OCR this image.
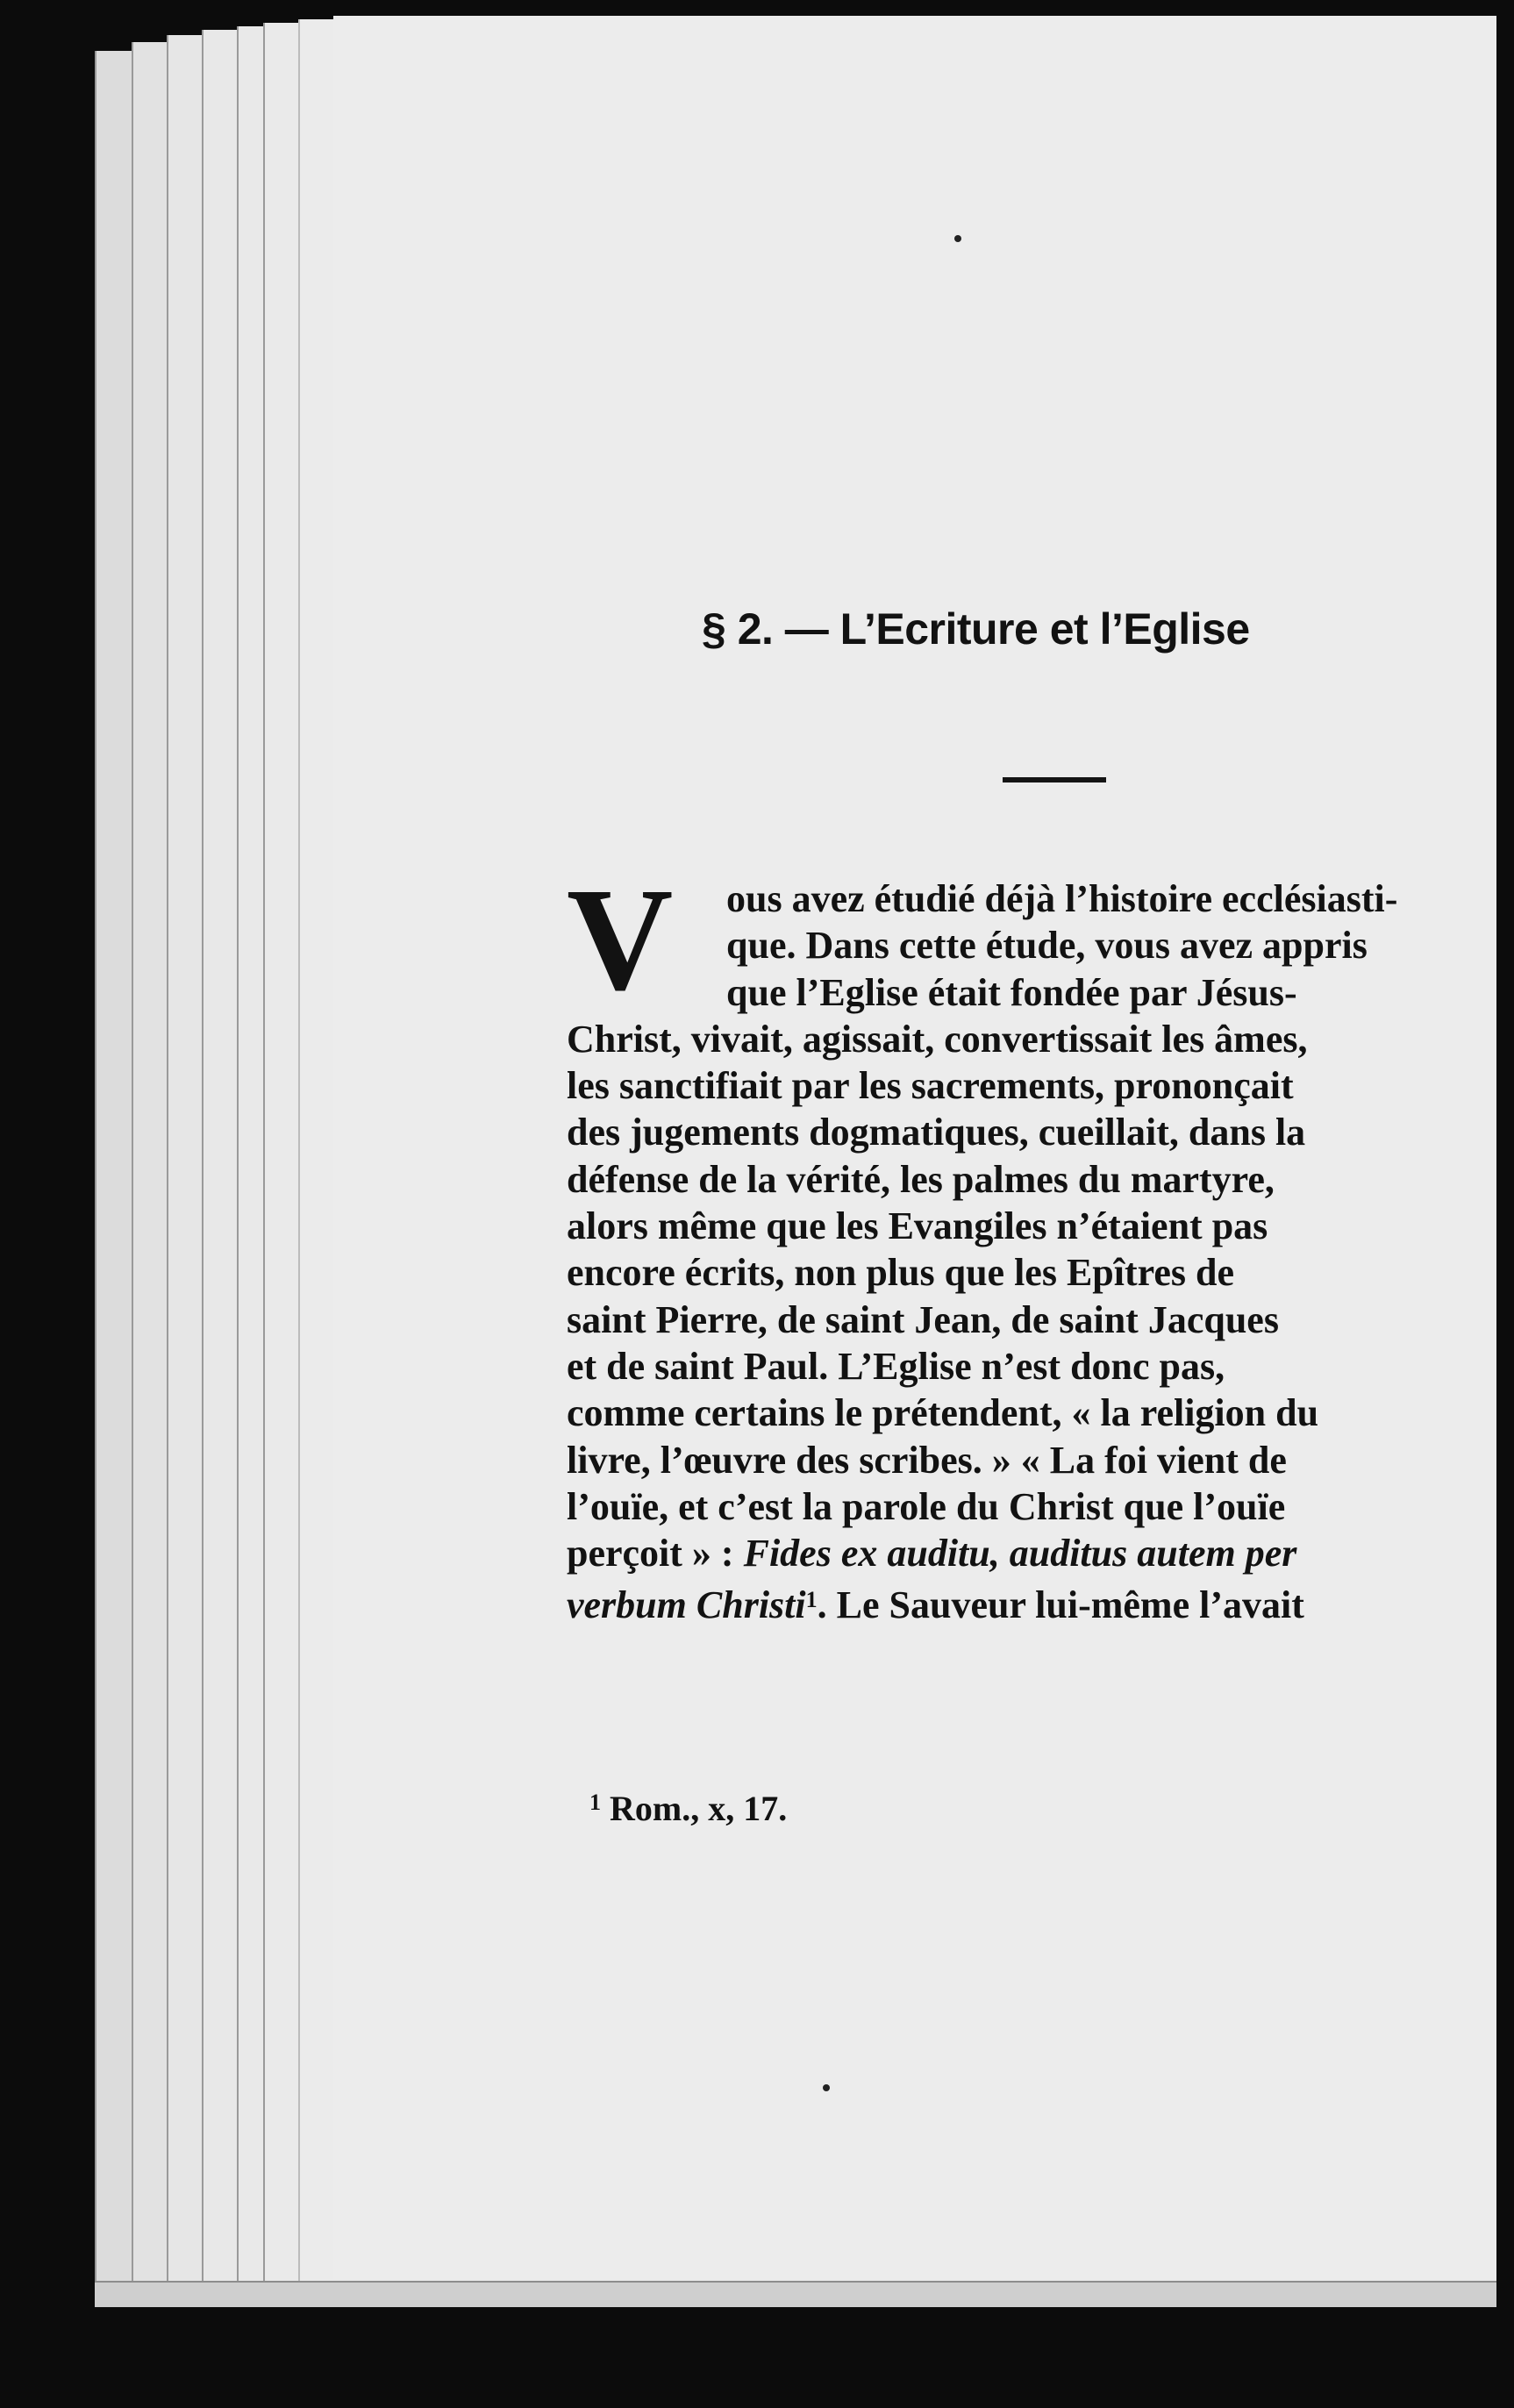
§ 2. — L’Ecriture et l’Eglise
V	ous avez étudié déjà l’histoire ecclésiasti-
que. Dans cette étude, vous avez appris
que l’Eglise était fondée par Jésus-
Christ, vivait, agissait, convertissait les âmes,
les sanctifiait par les sacrements, prononçait
des jugements dogmatiques, cueillait, dans la
défense de la vérité, les palmes du martyre,
alors même que les Evangiles n’étaient pas
encore écrits, non plus que les Epîtres de
saint Pierre, de saint Jean, de saint Jacques
et de saint Paul. L’Eglise n’est donc pas,
comme certains le prétendent, « la religion du
livre, l’œuvre des scribes. » « La foi vient de
l’ouïe, et c’est la parole du Christ que l’ouïe
perçoit » : Fides ex auditu, auditus autem per
verbum Christi$^1$. Le Sauveur lui-même l’avait
$^1$ Rom., x, 17.
